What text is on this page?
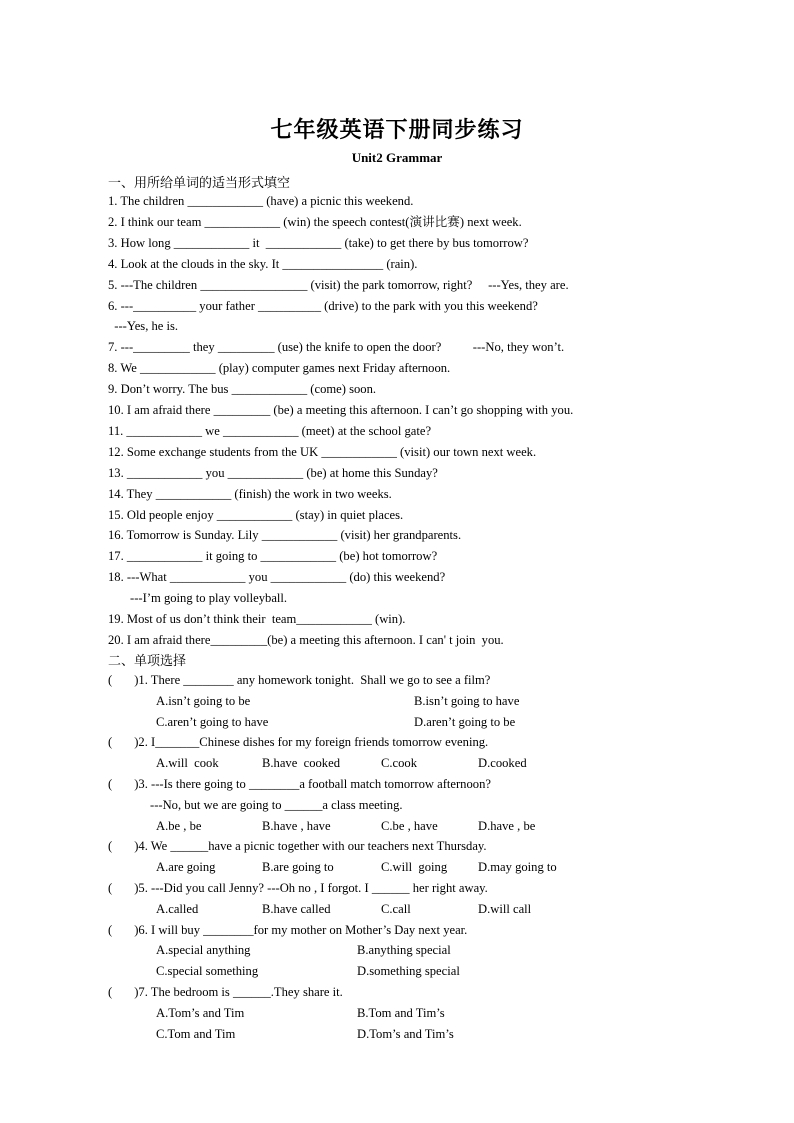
七年级英语下册同步练习
Unit2 Grammar
一、用所给单词的适当形式填空
1. The children ____________ (have) a picnic this weekend.
2. I think our team ____________ (win) the speech contest(演讲比赛) next week.
3. How long ____________ it  ____________ (take) to get there by bus tomorrow?
4. Look at the clouds in the sky. It ________________ (rain).
5. ---The children _________________ (visit) the park tomorrow, right?     ---Yes, they are.
6. ---__________ your father __________ (drive) to the park with you this weekend?
---Yes, he is.
7. ---_________ they _________ (use) the knife to open the door?          ---No, they won’t.
8. We ____________ (play) computer games next Friday afternoon.
9. Don’t worry. The bus ____________ (come) soon.
10. I am afraid there _________ (be) a meeting this afternoon. I can’t go shopping with you.
11. ____________ we ____________ (meet) at the school gate?
12. Some exchange students from the UK ____________ (visit) our town next week.
13. ____________ you ____________ (be) at home this Sunday?
14. They ____________ (finish) the work in two weeks.
15. Old people enjoy ____________ (stay) in quiet places.
16. Tomorrow is Sunday. Lily ____________ (visit) her grandparents.
17. ____________ it going to ____________ (be) hot tomorrow?
18. ---What ____________ you ____________ (do) this weekend?
---I’m going to play volleyball.
19. Most of us don’t think their  team____________ (win).
20. I am afraid there_________(be) a meeting this afternoon. I can' t join  you.
二、单项选择
(       )1. There ________ any homework tonight.  Shall we go to see a film?
A.isn’t going to be	B.isn’t going to have
C.aren’t going to have	D.aren’t going to be
(       )2. I_______Chinese dishes for my foreign friends tomorrow evening.
A.will  cook	B.have  cooked	C.cook	D.cooked
(       )3. ---Is there going to ________a football match tomorrow afternoon?
---No, but we are going to ______a class meeting.
A.be , be	B.have , have	C.be , have	D.have , be
(       )4. We ______have a picnic together with our teachers next Thursday.
A.are going	B.are going to	C.will  going D.may going to
(       )5. ---Did you call Jenny? ---Oh no , I forgot. I ______ her right away.
A.called	B.have called	C.call	D.will call
(       )6. I will buy ________for my mother on Mother’s Day next year.
A.special anything	B.anything special
C.special something	D.something special
(       )7. The bedroom is ______.They share it.
A.Tom’s and Tim	B.Tom and Tim’s
C.Tom and Tim	D.Tom’s and Tim’s
